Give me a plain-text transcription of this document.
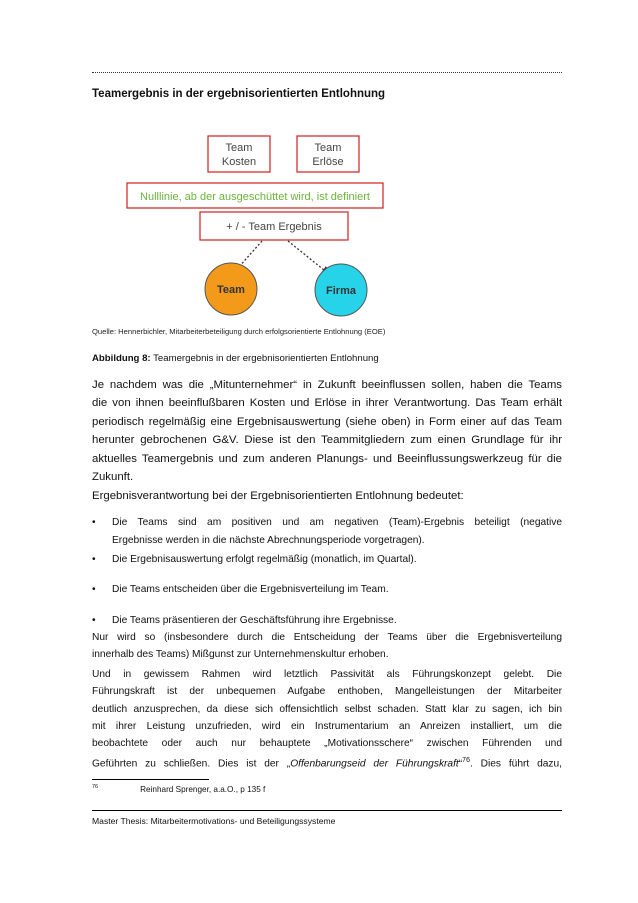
Teamergebnis in der ergebnisorientierten Entlohnung
Team
Kosten
Team
Erlöse
Nulllinie, ab der ausgeschüttet wird, ist definiert
+ / - Team Ergebnis
Team	Firma
Quelle: Hennerbichler, Mitarbeiterbeteiligung durch erfolgsorientierte Entlohnung (EOE)
Abbildung 8: Teamergebnis in der ergebnisorientierten Entlohnung
Je nachdem was die „Mitunternehmer“ in Zukunft beeinflussen sollen, haben die Teams
die von ihnen beeinflußbaren Kosten und Erlöse in ihrer Verantwortung. Das Team erhält
periodisch regelmäßig eine Ergebnisauswertung (siehe oben) in Form einer auf das Team
herunter gebrochenen G&V. Diese ist den Teammitgliedern zum einen Grundlage für ihr
aktuelles Teamergebnis und zum anderen Planungs- und Beeinflussungswerkzeug für die
Zukunft.
Ergebnisverantwortung bei der Ergebnisorientierten Entlohnung bedeutet:
• Die Teams sind am positiven und am negativen (Team)-Ergebnis beteiligt (negative
Ergebnisse werden in die nächste Abrechnungsperiode vorgetragen).
• Die Ergebnisauswertung erfolgt regelmäßig (monatlich, im Quartal).
• Die Teams entscheiden über die Ergebnisverteilung im Team.
• Die Teams präsentieren der Geschäftsführung ihre Ergebnisse.
Nur wird so (insbesondere durch die Entscheidung der Teams über die Ergebnisverteilung
innerhalb des Teams) Mißgunst zur Unternehmenskultur erhoben.
Und in gewissem Rahmen wird letztlich Passivität als Führungskonzept gelebt. Die
Führungskraft ist der unbequemen Aufgabe enthoben, Mangelleistungen der Mitarbeiter
deutlich anzusprechen, da diese sich offensichtlich selbst schaden. Statt klar zu sagen, ich bin
mit ihrer Leistung unzufrieden, wird ein Instrumentarium an Anreizen installiert, um die
beobachtete oder auch nur behauptete „Motivationsschere“ zwischen Führenden und
Geführten zu schließen. Dies ist der „Offenbarungseid der Führungskraft“$^{76}$. Dies führt dazu,
$^{76}$	Reinhard Sprenger, a.a.O., p 135 f
Master Thesis: Mitarbeitermotivations- und Beteiligungssysteme
